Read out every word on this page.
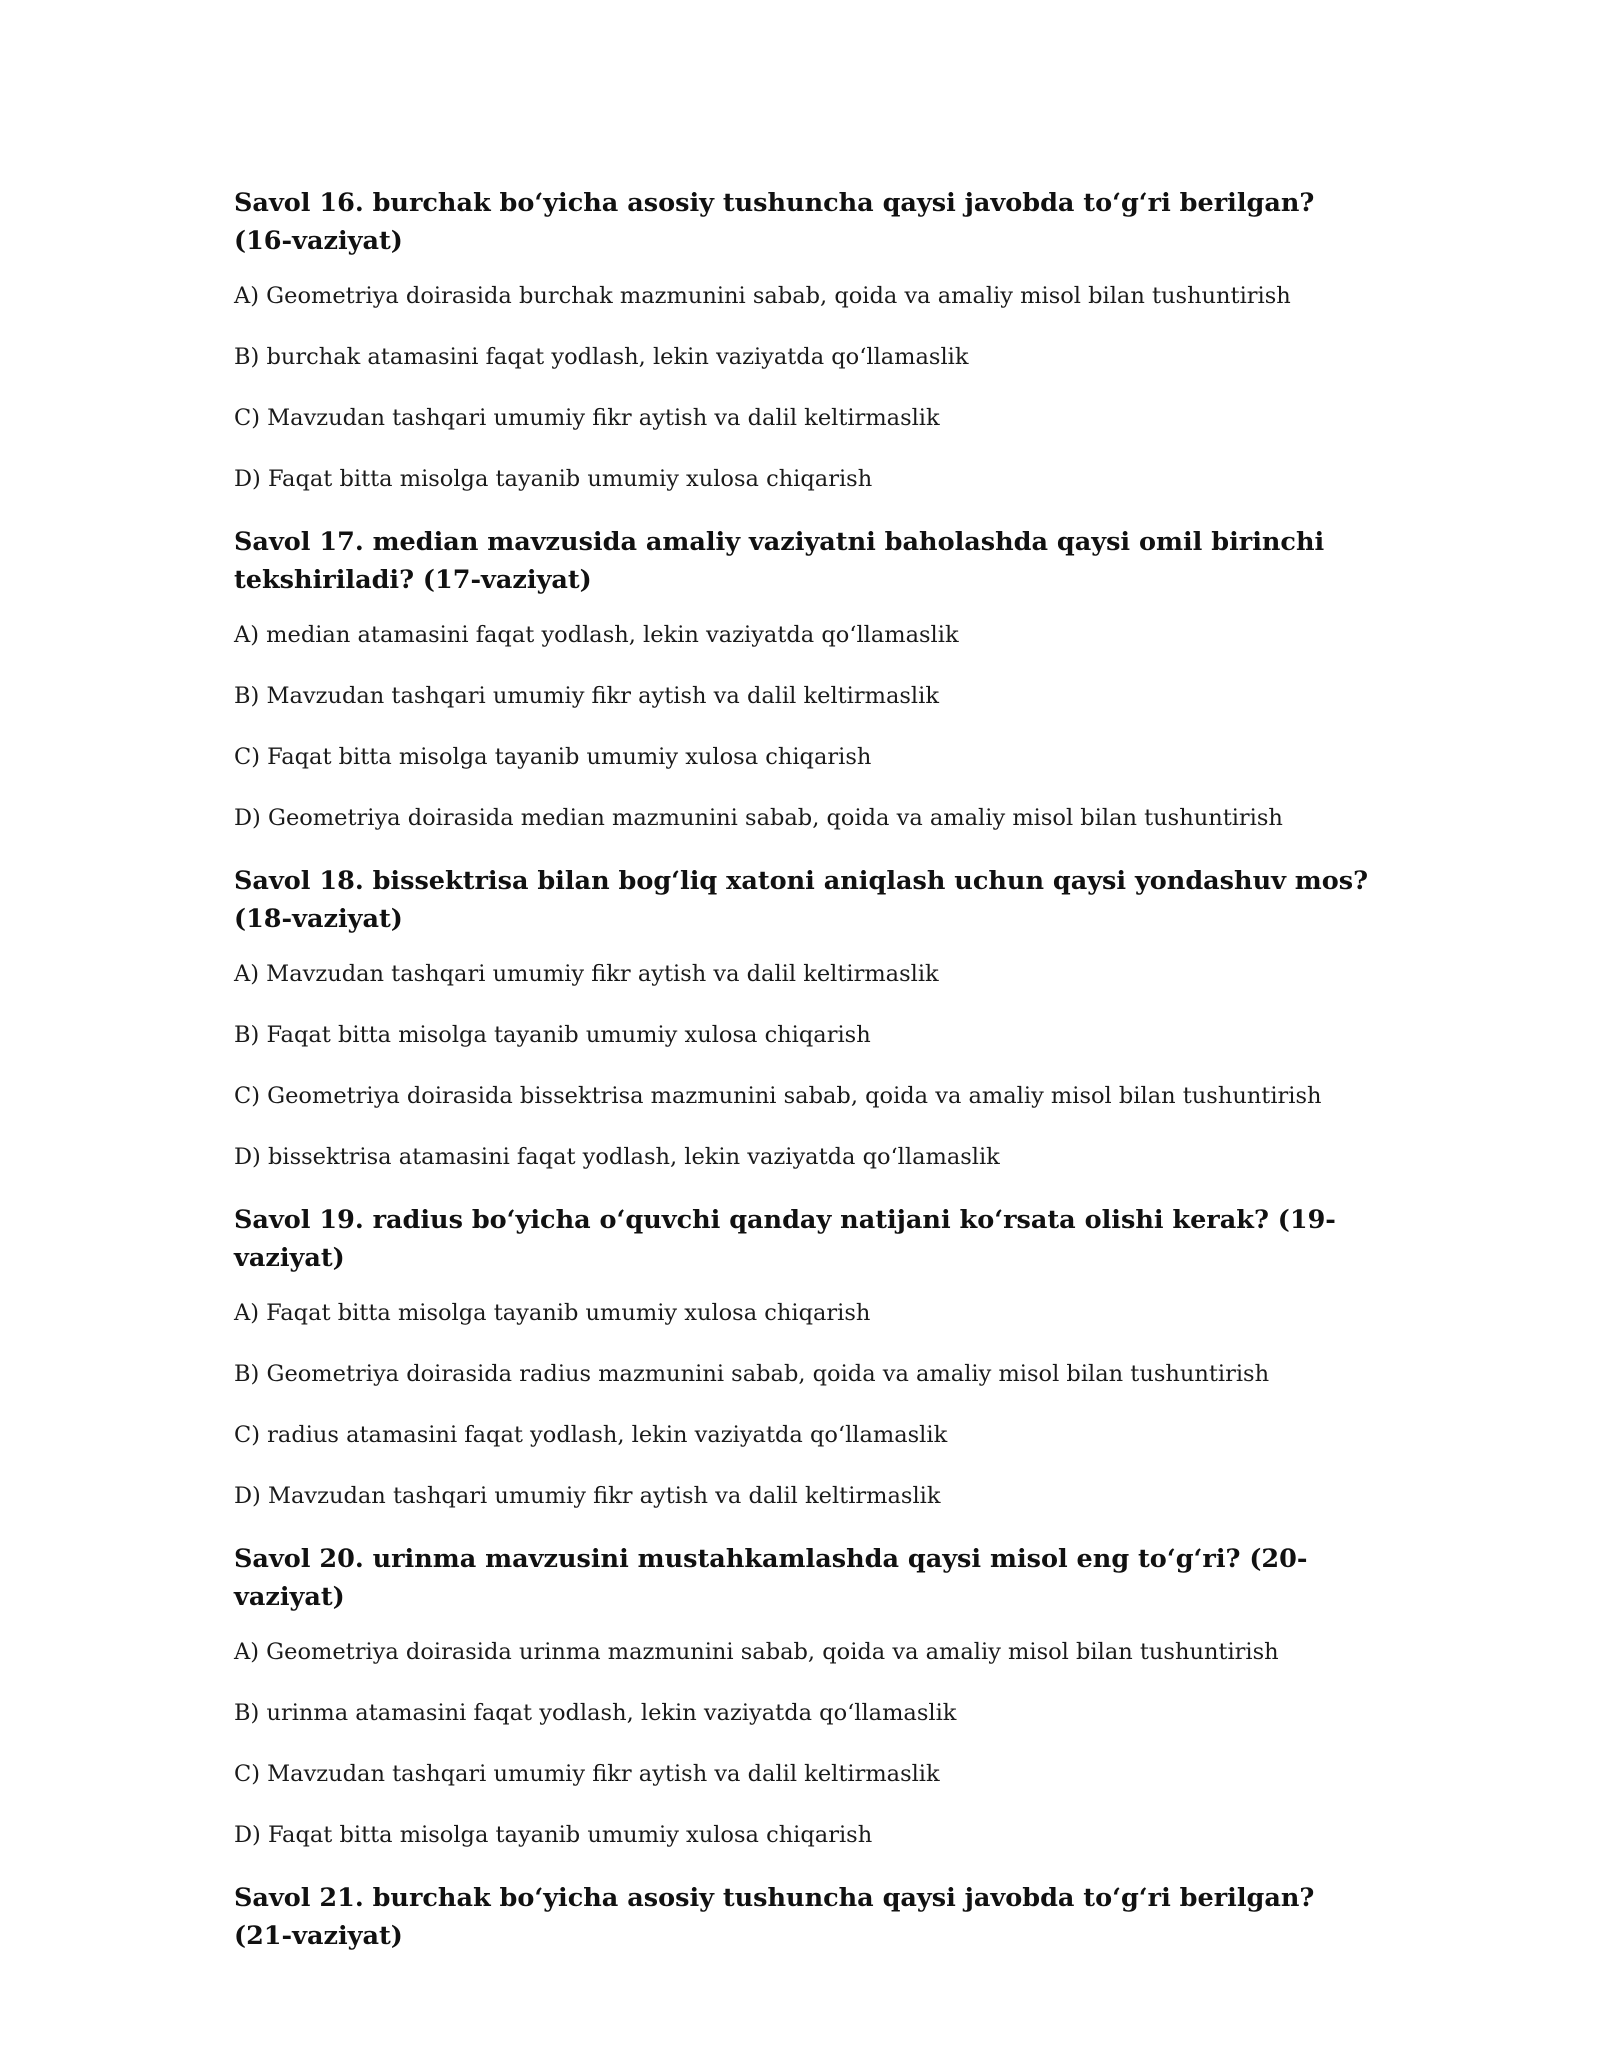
Savol 16. burchak bo‘yicha asosiy tushuncha qaysi javobda to‘g‘ri berilgan? (16-vaziyat)

A) Geometriya doirasida burchak mazmunini sabab, qoida va amaliy misol bilan tushuntirish

B) burchak atamasini faqat yodlash, lekin vaziyatda qo‘llamaslik

C) Mavzudan tashqari umumiy fikr aytish va dalil keltirmaslik

D) Faqat bitta misolga tayanib umumiy xulosa chiqarish

Savol 17. median mavzusida amaliy vaziyatni baholashda qaysi omil birinchi tekshiriladi? (17-vaziyat)

A) median atamasini faqat yodlash, lekin vaziyatda qo‘llamaslik

B) Mavzudan tashqari umumiy fikr aytish va dalil keltirmaslik

C) Faqat bitta misolga tayanib umumiy xulosa chiqarish

D) Geometriya doirasida median mazmunini sabab, qoida va amaliy misol bilan tushuntirish

Savol 18. bissektrisa bilan bog‘liq xatoni aniqlash uchun qaysi yondashuv mos? (18-vaziyat)

A) Mavzudan tashqari umumiy fikr aytish va dalil keltirmaslik

B) Faqat bitta misolga tayanib umumiy xulosa chiqarish

C) Geometriya doirasida bissektrisa mazmunini sabab, qoida va amaliy misol bilan tushuntirish

D) bissektrisa atamasini faqat yodlash, lekin vaziyatda qo‘llamaslik

Savol 19. radius bo‘yicha o‘quvchi qanday natijani ko‘rsata olishi kerak? (19-vaziyat)

A) Faqat bitta misolga tayanib umumiy xulosa chiqarish

B) Geometriya doirasida radius mazmunini sabab, qoida va amaliy misol bilan tushuntirish

C) radius atamasini faqat yodlash, lekin vaziyatda qo‘llamaslik

D) Mavzudan tashqari umumiy fikr aytish va dalil keltirmaslik

Savol 20. urinma mavzusini mustahkamlashda qaysi misol eng to‘g‘ri? (20-vaziyat)

A) Geometriya doirasida urinma mazmunini sabab, qoida va amaliy misol bilan tushuntirish

B) urinma atamasini faqat yodlash, lekin vaziyatda qo‘llamaslik

C) Mavzudan tashqari umumiy fikr aytish va dalil keltirmaslik

D) Faqat bitta misolga tayanib umumiy xulosa chiqarish

Savol 21. burchak bo‘yicha asosiy tushuncha qaysi javobda to‘g‘ri berilgan? (21-vaziyat)
